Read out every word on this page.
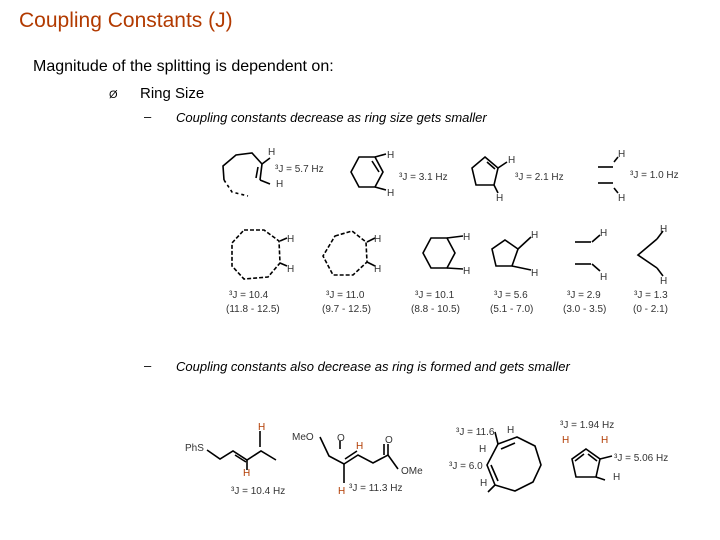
Coupling Constants (J)
Magnitude of the splitting is dependent on:
Ø Ring Size
– Coupling constants decrease as ring size gets smaller
– Coupling constants also decrease as ring is formed and gets smaller
H
H
³J = 5.7 Hz
H
H
³J = 3.1 Hz
H
H
³J = 2.1 Hz
H
H
³J = 1.0 Hz
H
H
H
H
H
H
H
H
H
H
H
H
³J = 10.4
(11.8 - 12.5)
³J = 11.0
(9.7 - 12.5)
³J = 10.1
(8.8 - 10.5)
³J = 5.6
(5.1 - 7.0)
³J = 2.9
(3.0 - 3.5)
³J = 1.3
(0 - 2.1)
PhS
H
H
³J = 10.4 Hz
MeO O
H
O
OMe
H ³J = 11.3 Hz
³J = 11.6 H
H
³J = 6.0
H
³J = 1.94 Hz
H	H
³J = 5.06 Hz
H
